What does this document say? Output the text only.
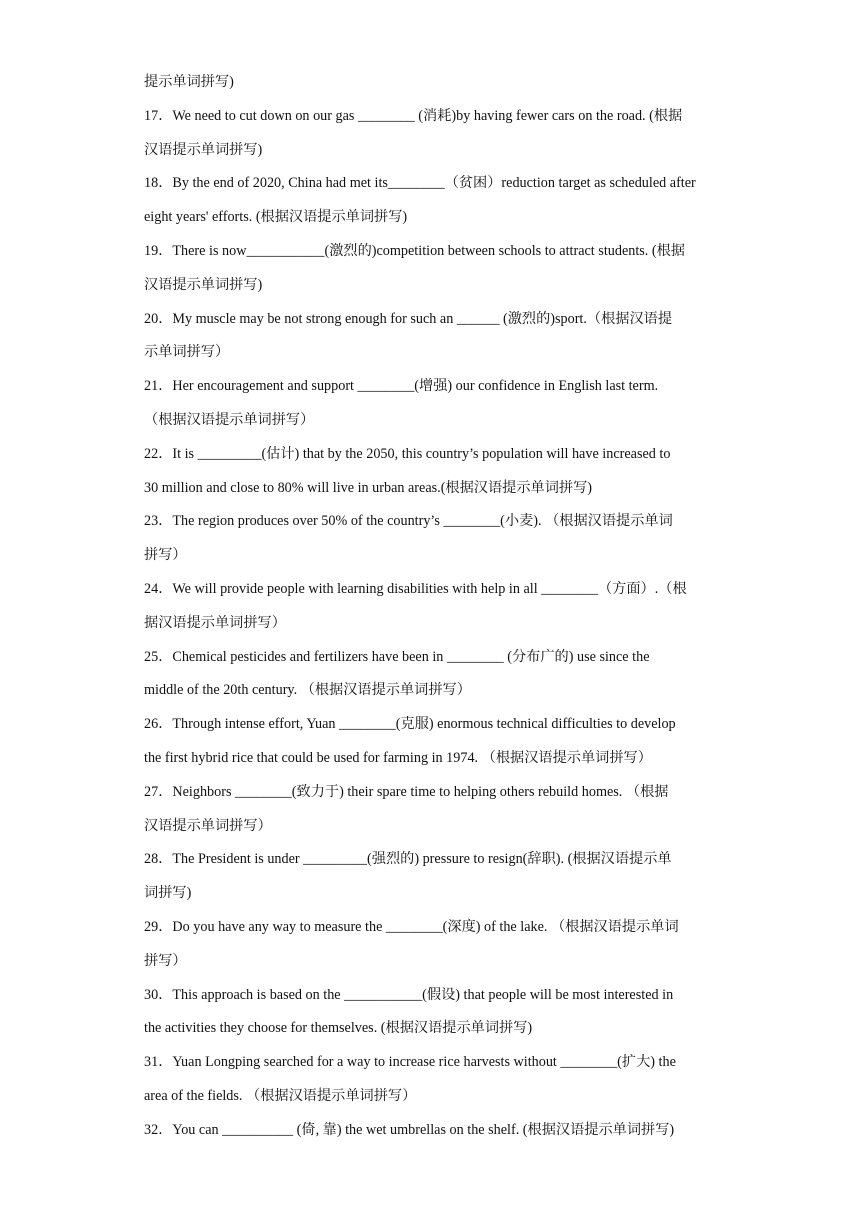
提示单词拼写)
17．We need to cut down on our gas ________ (消耗)by having fewer cars on the road. (根据
汉语提示单词拼写)
18．By the end of 2020, China had met its________（贫困）reduction target as scheduled after
eight years' efforts. (根据汉语提示单词拼写)
19．There is now___________(激烈的)competition between schools to attract students. (根据
汉语提示单词拼写)
20．My muscle may be not strong enough for such an ______ (激烈的)sport.（根据汉语提
示单词拼写）
21．Her encouragement and support ________(增强) our confidence in English last term.
（根据汉语提示单词拼写）
22．It is _________(估计) that by the 2050, this country’s population will have increased to
30 million and close to 80% will live in urban areas.(根据汉语提示单词拼写)
23．The region produces over 50% of the country’s ________(小麦). （根据汉语提示单词
拼写）
24．We will provide people with learning disabilities with help in all ________（方面）.（根
据汉语提示单词拼写）
25．Chemical pesticides and fertilizers have been in ________ (分布广的) use since the
middle of the 20th century. （根据汉语提示单词拼写）
26．Through intense effort, Yuan ________(克服) enormous technical difficulties to develop
the first hybrid rice that could be used for farming in 1974. （根据汉语提示单词拼写）
27．Neighbors ________(致力于) their spare time to helping others rebuild homes. （根据
汉语提示单词拼写）
28．The President is under _________(强烈的) pressure to resign(辞职). (根据汉语提示单
词拼写)
29．Do you have any way to measure the ________(深度) of the lake. （根据汉语提示单词
拼写）
30．This approach is based on the ___________(假设) that people will be most interested in
the activities they choose for themselves. (根据汉语提示单词拼写)
31．Yuan Longping searched for a way to increase rice harvests without ________(扩大) the
area of the fields. （根据汉语提示单词拼写）
32．You can __________ (倚, 靠) the wet umbrellas on the shelf. (根据汉语提示单词拼写)
